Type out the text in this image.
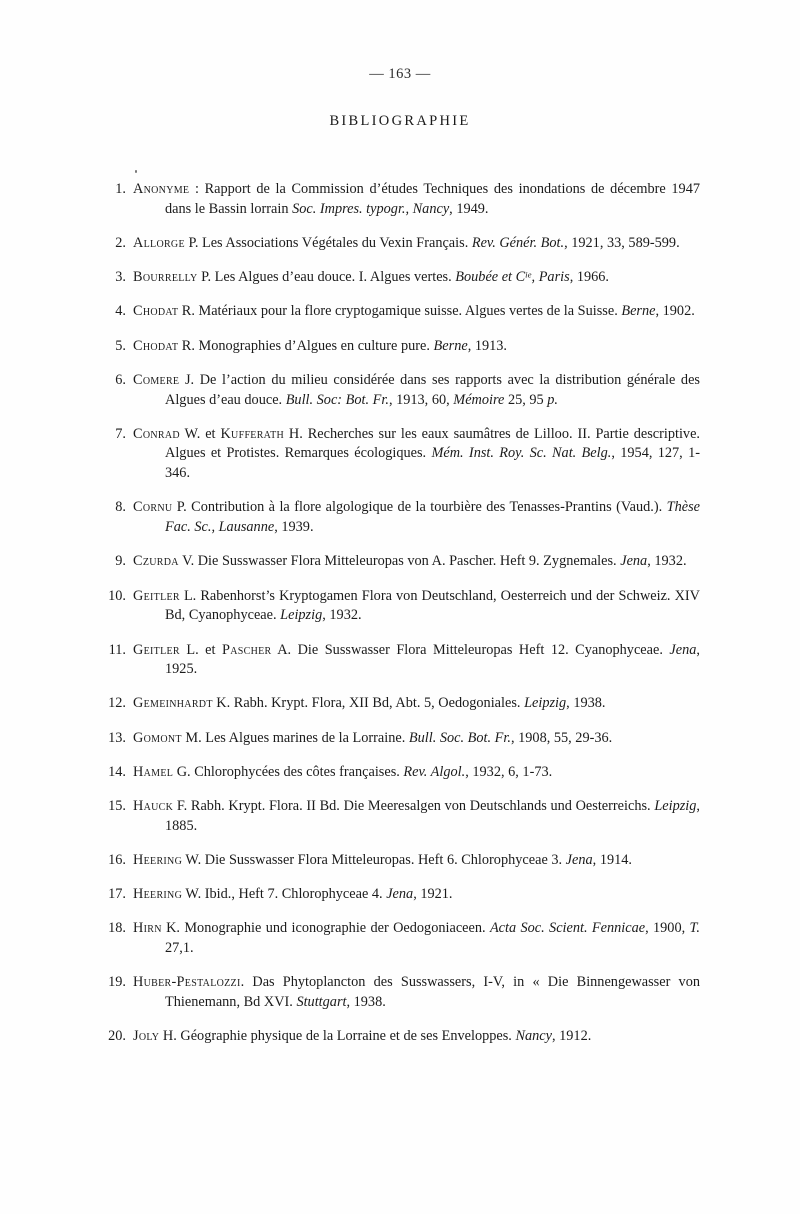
— 163 —
BIBLIOGRAPHIE
1. Anonyme : Rapport de la Commission d’études Techniques des inondations de décembre 1947 dans le Bassin lorrain Soc. Impres. typogr., Nancy, 1949.
2. Allorge P. Les Associations Végétales du Vexin Français. Rev. Génér. Bot., 1921, 33, 589-599.
3. Bourrelly P. Les Algues d’eau douce. I. Algues vertes. Boubée et $C^{ie}$, Paris, 1966.
4. Chodat R. Matériaux pour la flore cryptogamique suisse. Algues vertes de la Suisse. Berne, 1902.
5. Chodat R. Monographies d’Algues en culture pure. Berne, 1913.
6. Comere J. De l’action du milieu considérée dans ses rapports avec la distribution générale des Algues d’eau douce. Bull. Soc: Bot. Fr., 1913, 60, Mémoire 25, 95 p.
7. Conrad W. et Kufferath H. Recherches sur les eaux saumâtres de Lilloo. II. Partie descriptive. Algues et Protistes. Remarques écologiques. Mém. Inst. Roy. Sc. Nat. Belg., 1954, 127, 1-346.
8. Cornu P. Contribution à la flore algologique de la tourbière des Tenasses-Prantins (Vaud.). Thèse Fac. Sc., Lausanne, 1939.
9. Czurda V. Die Susswasser Flora Mitteleuropas von A. Pascher. Heft 9. Zygnemales. Jena, 1932.
10. Geitler L. Rabenhorst’s Kryptogamen Flora von Deutschland, Oesterreich und der Schweiz. XIV Bd, Cyanophyceae. Leipzig, 1932.
11. Geitler L. et Pascher A. Die Susswasser Flora Mitteleuropas Heft 12. Cyanophyceae. Jena, 1925.
12. Gemeinhardt K. Rabh. Krypt. Flora, XII Bd, Abt. 5, Oedogoniales. Leipzig, 1938.
13. Gomont M. Les Algues marines de la Lorraine. Bull. Soc. Bot. Fr., 1908, 55, 29-36.
14. Hamel G. Chlorophycées des côtes françaises. Rev. Algol., 1932, 6, 1-73.
15. Hauck F. Rabh. Krypt. Flora. II Bd. Die Meeresalgen von Deutschlands und Oesterreichs. Leipzig, 1885.
16. Heering W. Die Susswasser Flora Mitteleuropas. Heft 6. Chlorophyceae 3. Jena, 1914.
17. Heering W. Ibid., Heft 7. Chlorophyceae 4. Jena, 1921.
18. Hirn K. Monographie und iconographie der Oedogoniaceen. Acta Soc. Scient. Fennicae, 1900, T. 27,1.
19. Huber-Pestalozzi. Das Phytoplancton des Susswassers, I-V, in « Die Binnengewasser von Thienemann, Bd XVI. Stuttgart, 1938.
20. Joly H. Géographie physique de la Lorraine et de ses Enveloppes. Nancy, 1912.
